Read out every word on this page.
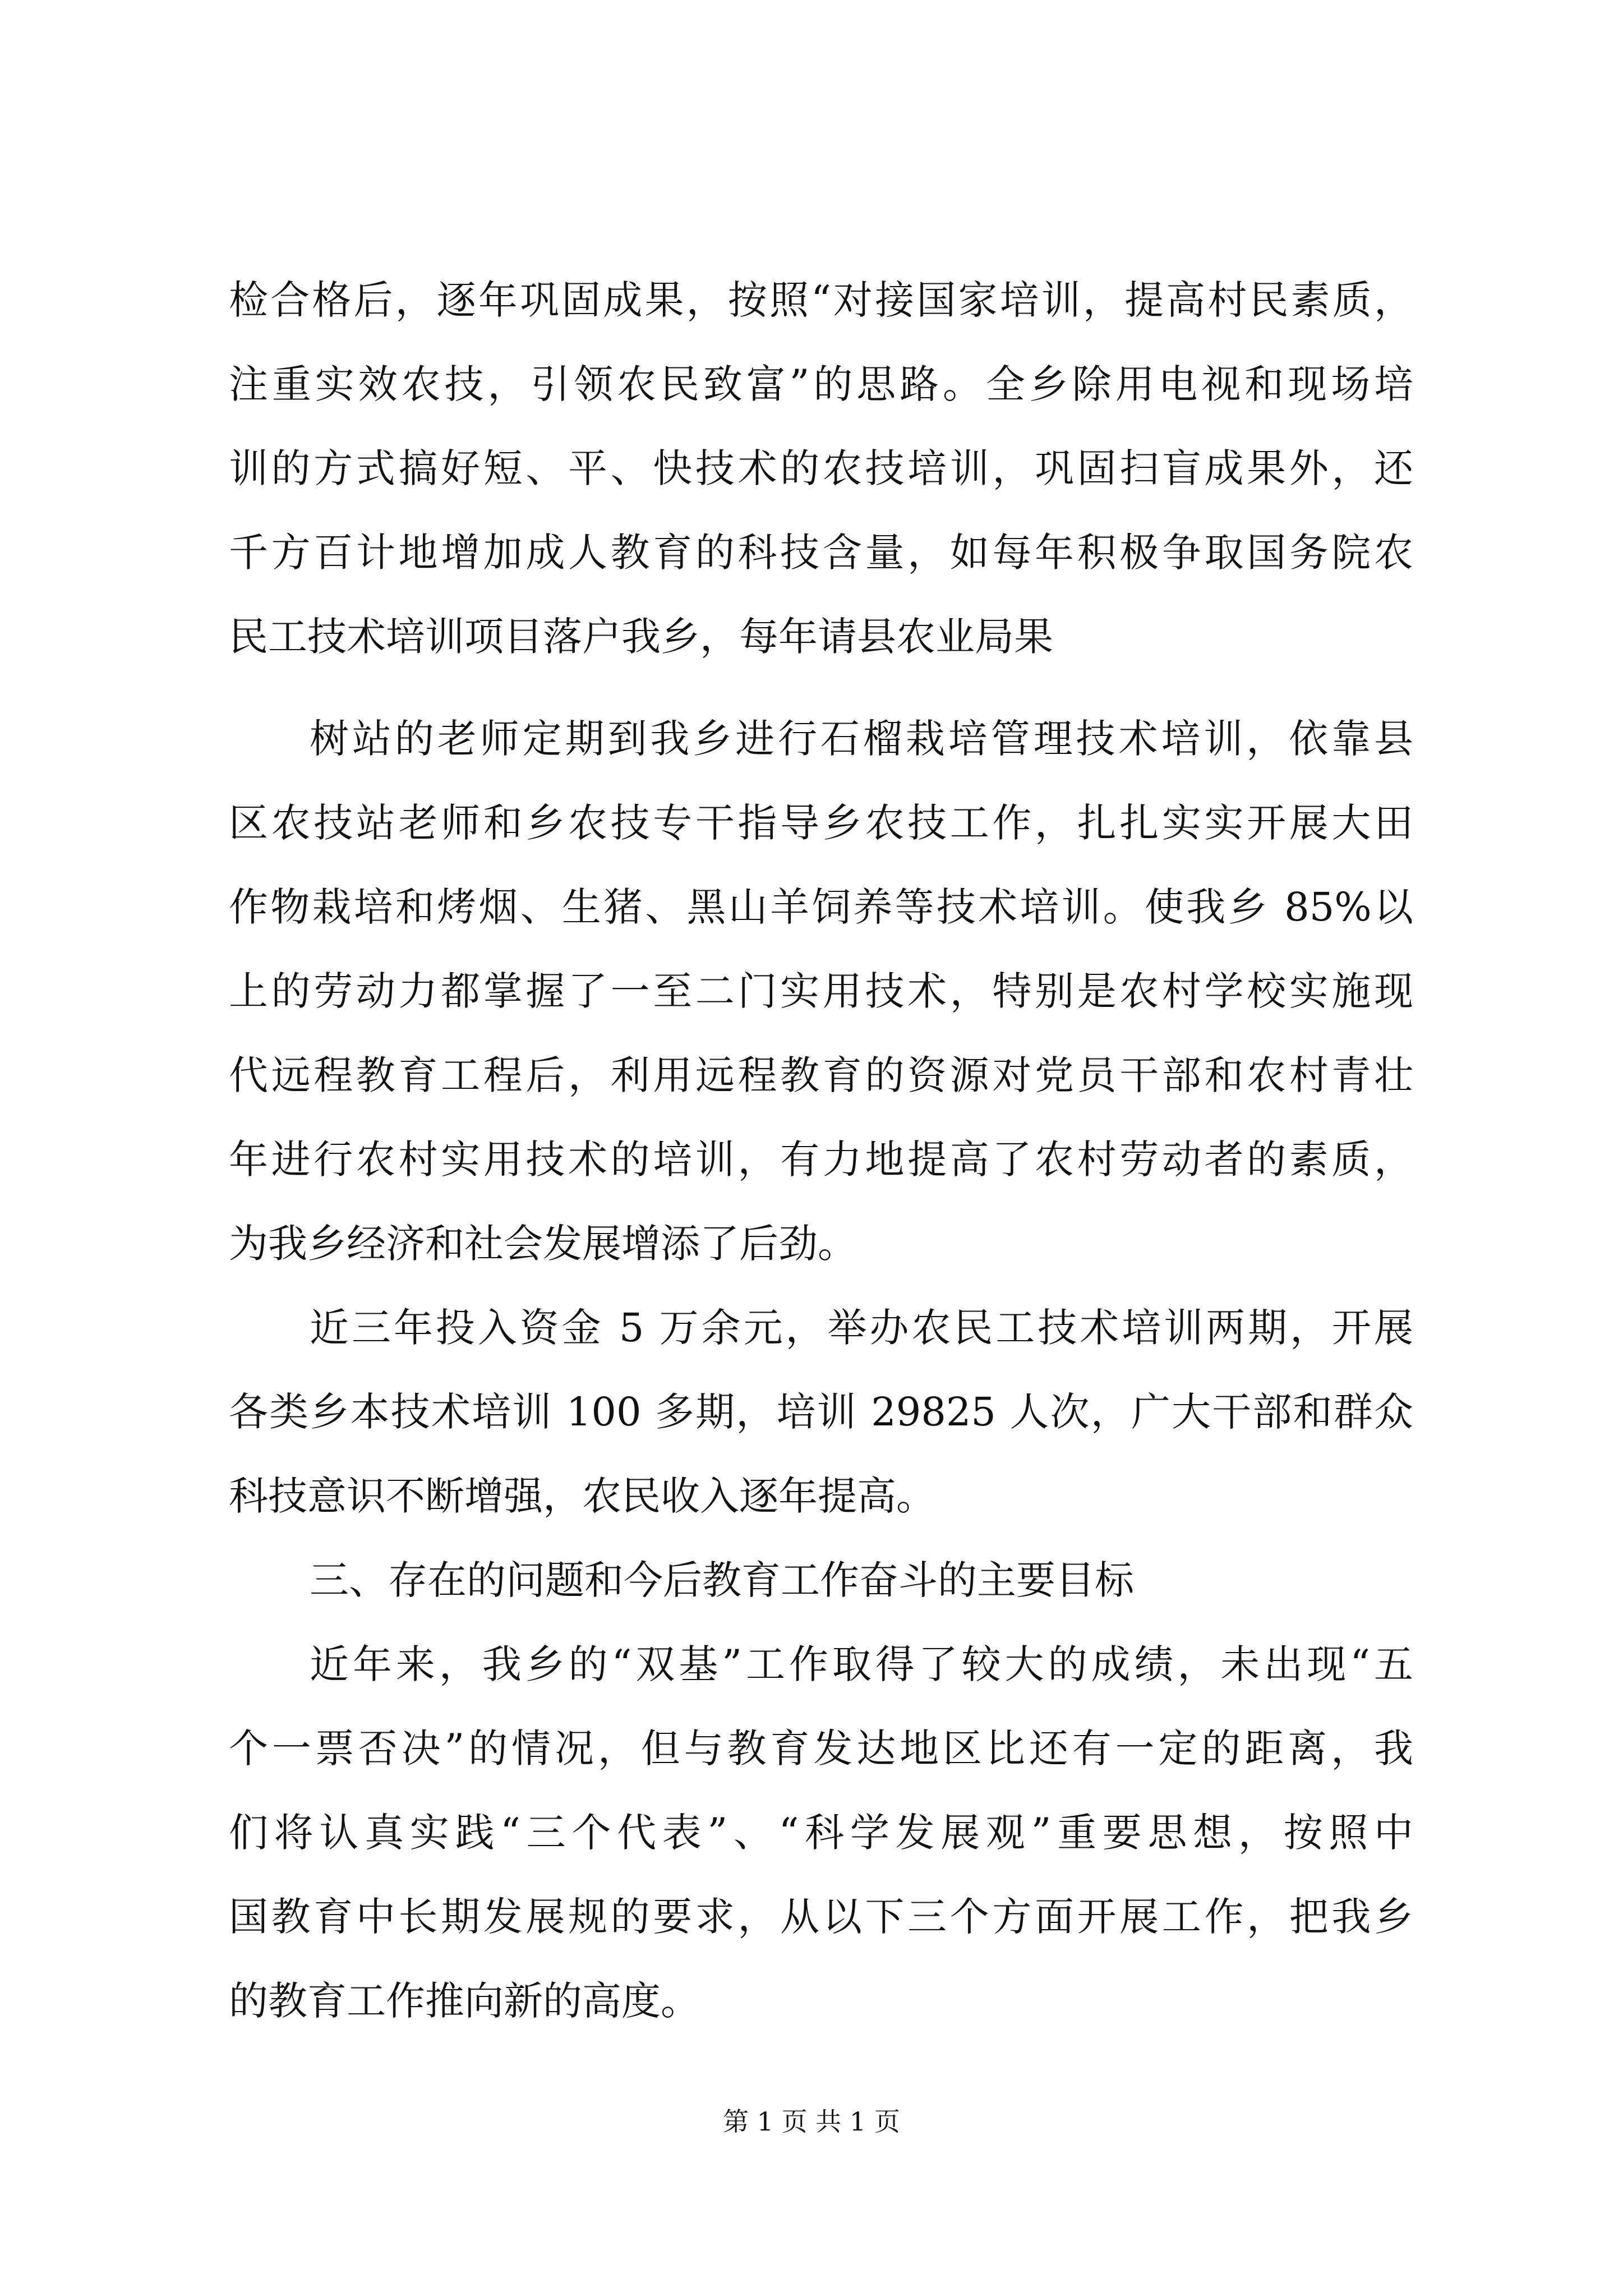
检合格后，逐年巩固成果，按照“对接国家培训，提高村民素质，
注重实效农技，引领农民致富”的思路。全乡除用电视和现场培
训的方式搞好短、平、快技术的农技培训，巩固扫盲成果外，还
千方百计地增加成人教育的科技含量，如每年积极争取国务院农
民工技术培训项目落户我乡，每年请县农业局果
树站的老师定期到我乡进行石榴栽培管理技术培训，依靠县
区农技站老师和乡农技专干指导乡农技工作，扎扎实实开展大田
作物栽培和烤烟、生猪、黑山羊饲养等技术培训。使我乡 85%以
上的劳动力都掌握了一至二门实用技术，特别是农村学校实施现
代远程教育工程后，利用远程教育的资源对党员干部和农村青壮
年进行农村实用技术的培训，有力地提高了农村劳动者的素质，
为我乡经济和社会发展增添了后劲。
近三年投入资金 5 万余元，举办农民工技术培训两期，开展
各类乡本技术培训 100 多期，培训 29825 人次，广大干部和群众
科技意识不断增强，农民收入逐年提高。
三、存在的问题和今后教育工作奋斗的主要目标
近年来，我乡的“双基”工作取得了较大的成绩，未出现“五
个一票否决”的情况，但与教育发达地区比还有一定的距离，我
们将认真实践“三个代表”、“科学发展观”重要思想，按照中
国教育中长期发展规的要求，从以下三个方面开展工作，把我乡
的教育工作推向新的高度。
第 1 页 共 1 页
